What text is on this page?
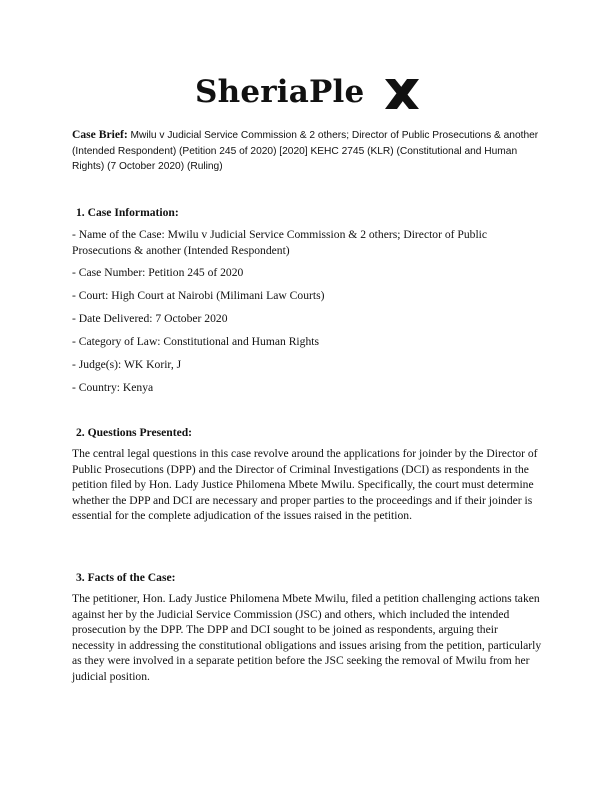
SheriaPle
Case Brief: Mwilu v Judicial Service Commission & 2 others; Director of Public Prosecutions & another (Intended Respondent) (Petition 245 of 2020) [2020] KEHC 2745 (KLR) (Constitutional and Human Rights) (7 October 2020) (Ruling)
1. Case Information:
- Name of the Case: Mwilu v Judicial Service Commission & 2 others; Director of Public Prosecutions & another (Intended Respondent)
- Case Number: Petition 245 of 2020
- Court: High Court at Nairobi (Milimani Law Courts)
- Date Delivered: 7 October 2020
- Category of Law: Constitutional and Human Rights
- Judge(s): WK Korir, J
- Country: Kenya
2. Questions Presented:
The central legal questions in this case revolve around the applications for joinder by the Director of Public Prosecutions (DPP) and the Director of Criminal Investigations (DCI) as respondents in the petition filed by Hon. Lady Justice Philomena Mbete Mwilu. Specifically, the court must determine whether the DPP and DCI are necessary and proper parties to the proceedings and if their joinder is essential for the complete adjudication of the issues raised in the petition.
3. Facts of the Case:
The petitioner, Hon. Lady Justice Philomena Mbete Mwilu, filed a petition challenging actions taken against her by the Judicial Service Commission (JSC) and others, which included the intended prosecution by the DPP. The DPP and DCI sought to be joined as respondents, arguing their necessity in addressing the constitutional obligations and issues arising from the petition, particularly as they were involved in a separate petition before the JSC seeking the removal of Mwilu from her judicial position.
